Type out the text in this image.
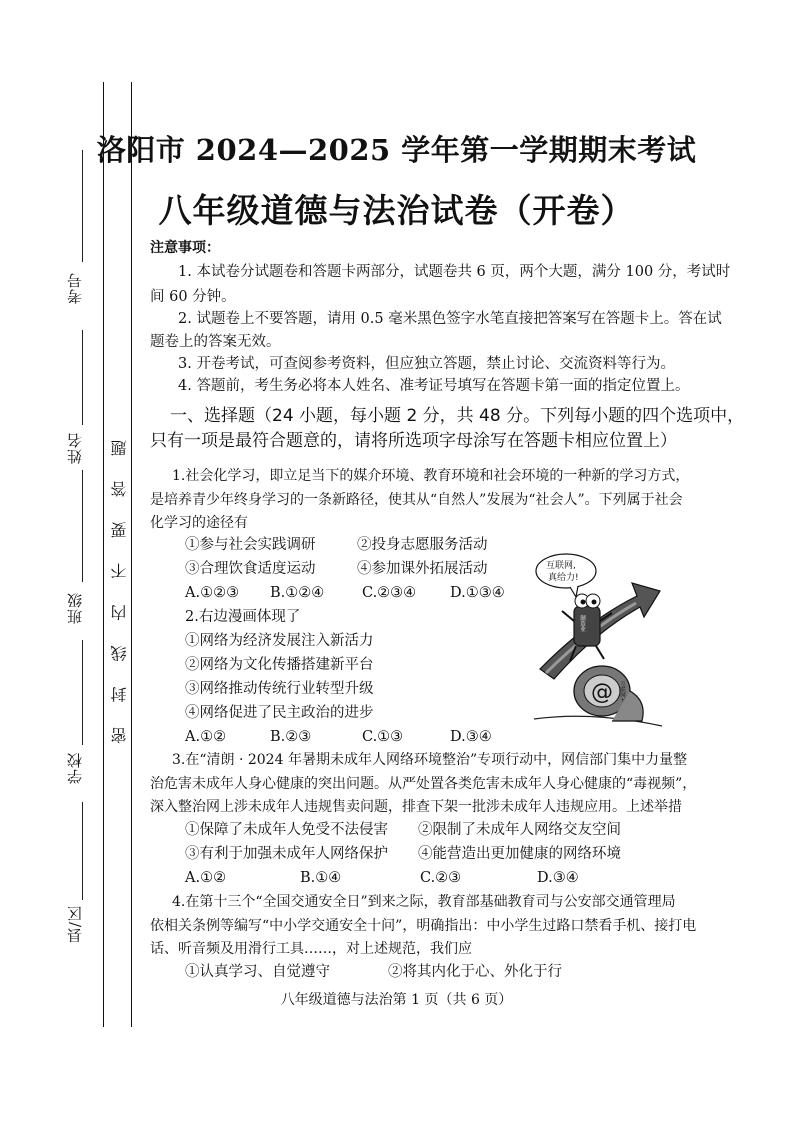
考号
姓名
班级
学校
县/区
密 封 线 内 不 要 答 题
洛阳市 2024—2025 学年第一学期期末考试
八年级道德与法治试卷（开卷）
注意事项：
1. 本试卷分试题卷和答题卡两部分，试题卷共 6 页，两个大题，满分 100 分，考试时
间 60 分钟。
2. 试题卷上不要答题，请用 0.5 毫米黑色签字水笔直接把答案写在答题卡上。答在试
题卷上的答案无效。
3. 开卷考试，可查阅参考资料，但应独立答题，禁止讨论、交流资料等行为。
4. 答题前，考生务必将本人姓名、准考证号填写在答题卡第一面的指定位置上。
一、选择题（24 小题，每小题 2 分，共 48 分。下列每小题的四个选项中，
只有一项是最符合题意的，请将所选项字母涂写在答题卡相应位置上）
1.社会化学习，即立足当下的媒介环境、教育环境和社会环境的一种新的学习方式，
是培养青少年终身学习的一条新路径，使其从“自然人”发展为“社会人”。下列属于社会
化学习的途径有
①参与社会实践调研	②投身志愿服务活动
③合理饮食适度运动	④参加课外拓展活动
A.①②③ B.①②④	C.②③④ D.①③④
2.右边漫画体现了
①网络为经济发展注入新活力
②网络为文化传播搭建新平台
③网络推动传统行业转型升级
④网络促进了民主政治的进步
A.①②	B.②③	C.①③	D.③④
@
互联网,
真给力!
制造业	转型升级
互联网+
3.在“清朗 · 2024 年暑期未成年人网络环境整治”专项行动中，网信部门集中力量整
治危害未成年人身心健康的突出问题。从严处置各类危害未成年人身心健康的“毒视频”，
深入整治网上涉未成年人违规售卖问题，排查下架一批涉未成年人违规应用。上述举措
①保障了未成年人免受不法侵害 ②限制了未成年人网络交友空间
③有利于加强未成年人网络保护 ④能营造出更加健康的网络环境
A.①②	B.①④	C.②③	D.③④
4.在第十三个“全国交通安全日”到来之际，教育部基础教育司与公安部交通管理局
依相关条例等编写“中小学交通安全十问”，明确指出：中小学生过路口禁看手机、接打电
话、听音频及用滑行工具……，对上述规范，我们应
①认真学习、自觉遵守	②将其内化于心、外化于行
八年级道德与法治第 1 页（共 6 页）
